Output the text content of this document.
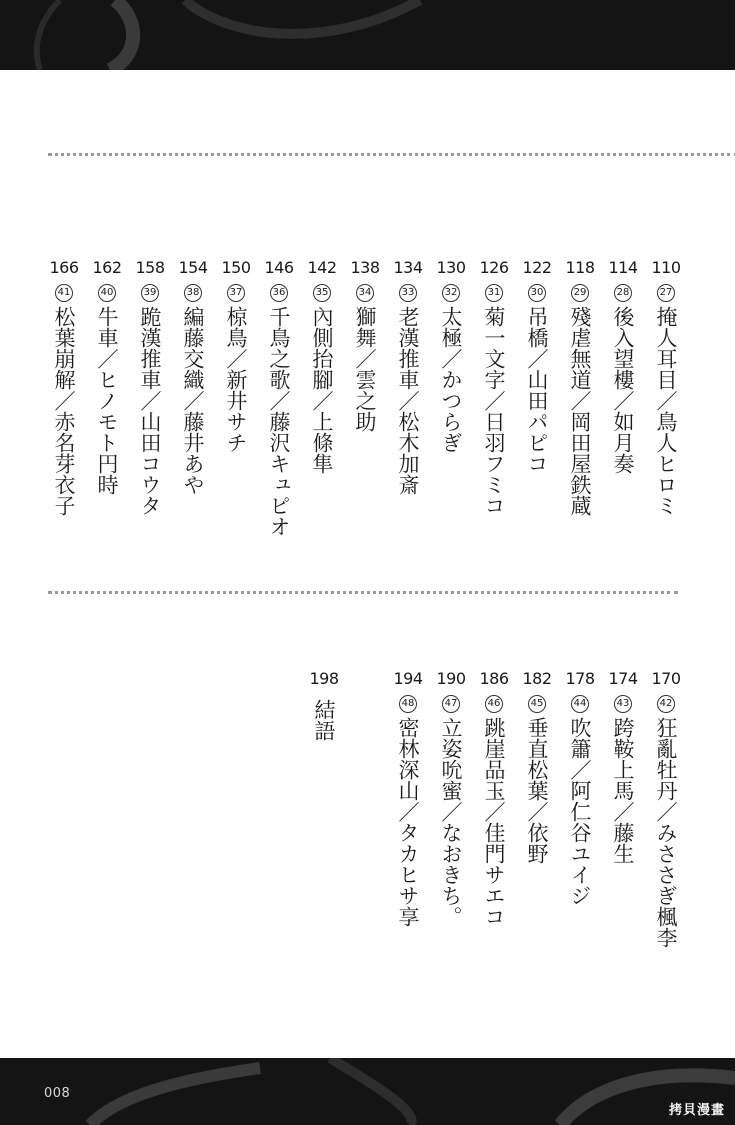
110
27
掩人耳目／鳥人ヒロミ
114
28
後入望樓／如月奏
118
29
殘虐無道／岡田屋鉄蔵
122
30
吊橋／山田パピコ
126
31
菊一文字／日羽フミコ
130
32
太極／かつらぎ
134
33
老漢推車／松木加斎
138
34
獅舞／雲之助
142
35
內側抬腳／上條隼
146
36
千鳥之歌／藤沢キュピオ
150
37
椋鳥／新井サチ
154
38
編藤交織／藤井あや
158
39
跪漢推車／山田コウタ
162
40
牛車／ヒノモト円時
166
41
松葉崩解／赤名芽衣子
170
42
狂亂牡丹／みささぎ楓李
174
43
跨鞍上馬／藤生
178
44
吹簫／阿仁谷ユイジ
182
45
垂直松葉／依野
186
46
跳崖品玉／佳門サエコ
190
47
立姿吮蜜／なおきち。
194
48
密林深山／タカヒサ享
198
結語
008
拷貝漫畫
